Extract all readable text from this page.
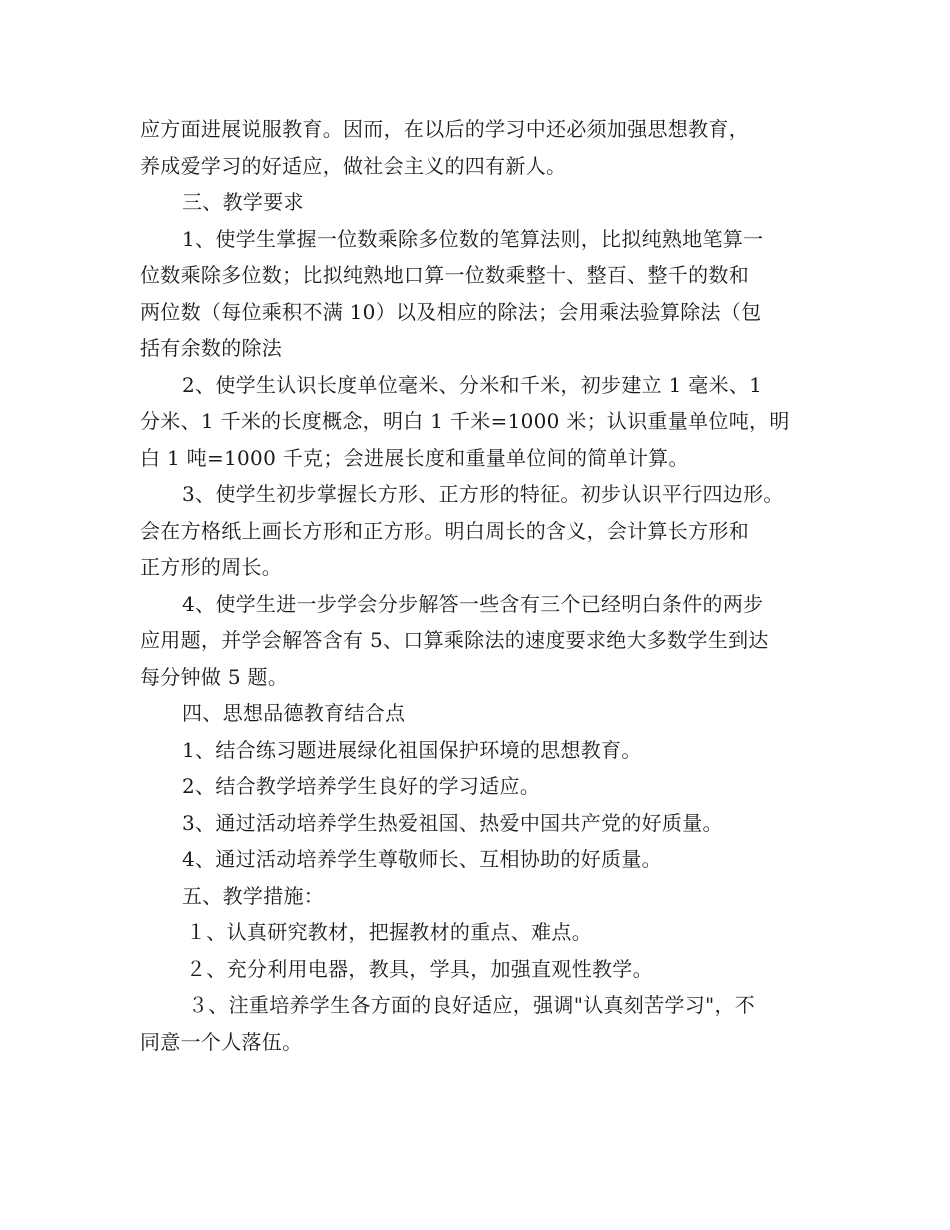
应方面进展说服教育。因而，在以后的学习中还必须加强思想教育，
养成爱学习的好适应，做社会主义的四有新人。
三、教学要求
1、使学生掌握一位数乘除多位数的笔算法则，比拟纯熟地笔算一
位数乘除多位数；比拟纯熟地口算一位数乘整十、整百、整千的数和
两位数（每位乘积不满 10）以及相应的除法；会用乘法验算除法（包
括有余数的除法
2、使学生认识长度单位毫米、分米和千米，初步建立 1 毫米、1
分米、1 千米的长度概念，明白 1 千米=1000 米；认识重量单位吨，明
白 1 吨=1000 千克；会进展长度和重量单位间的简单计算。
3、使学生初步掌握长方形、正方形的特征。初步认识平行四边形。
会在方格纸上画长方形和正方形。明白周长的含义，会计算长方形和
正方形的周长。
4、使学生进一步学会分步解答一些含有三个已经明白条件的两步
应用题，并学会解答含有 5、口算乘除法的速度要求绝大多数学生到达
每分钟做 5 题。
四、思想品德教育结合点
1、结合练习题进展绿化祖国保护环境的思想教育。
2、结合教学培养学生良好的学习适应。
3、通过活动培养学生热爱祖国、热爱中国共产党的好质量。
4、通过活动培养学生尊敬师长、互相协助的好质量。
五、教学措施：
１、认真研究教材，把握教材的重点、难点。
２、充分利用电器，教具，学具，加强直观性教学。
３、注重培养学生各方面的良好适应，强调"认真刻苦学习"，不
同意一个人落伍。
